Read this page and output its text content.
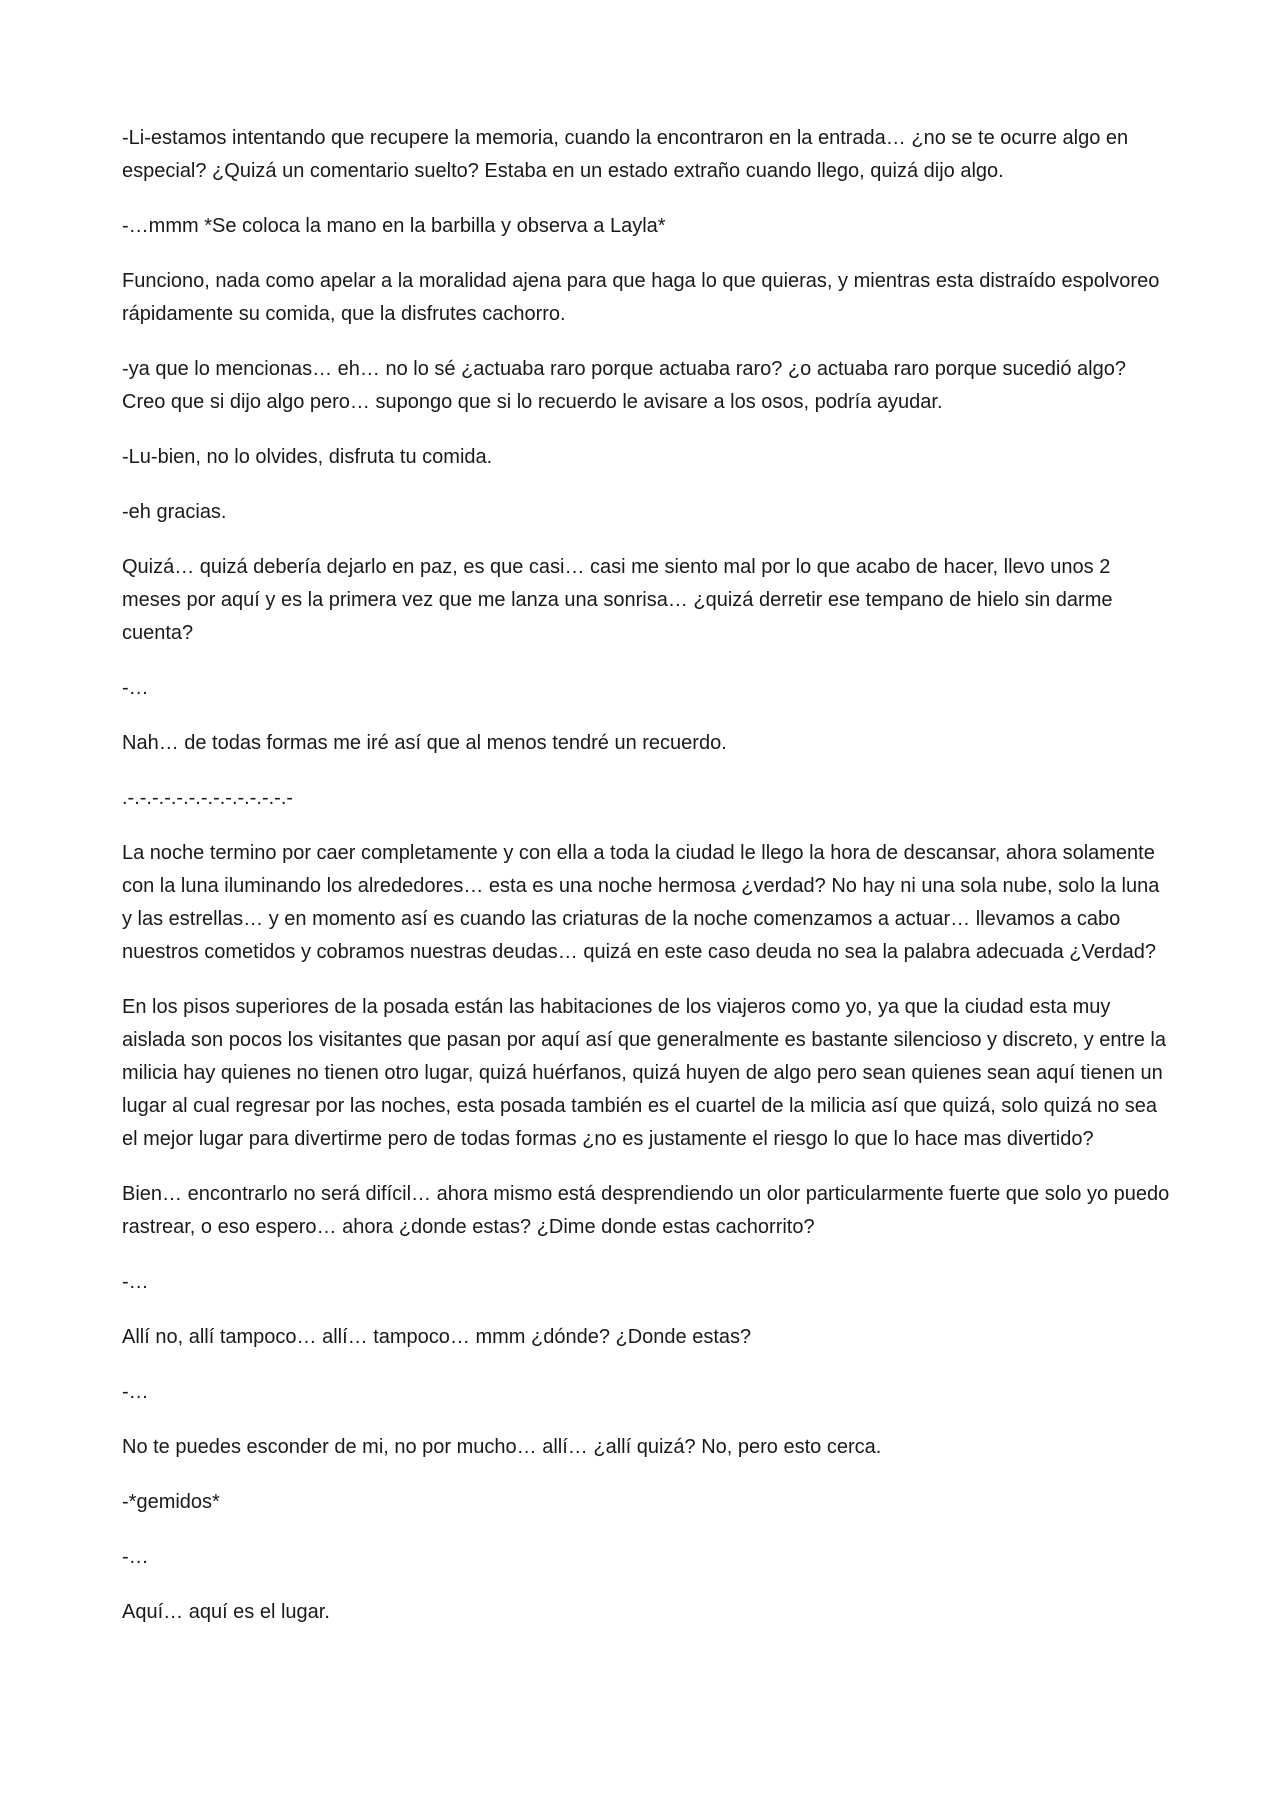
-Li-estamos intentando que recupere la memoria, cuando la encontraron en la entrada… ¿no se te ocurre algo en especial? ¿Quizá un comentario suelto? Estaba en un estado extraño cuando llego, quizá dijo algo.

-…mmm *Se coloca la mano en la barbilla y observa a Layla*

Funciono, nada como apelar a la moralidad ajena para que haga lo que quieras, y mientras esta distraído espolvoreo rápidamente su comida, que la disfrutes cachorro.

-ya que lo mencionas… eh… no lo sé ¿actuaba raro porque actuaba raro? ¿o actuaba raro porque sucedió algo? Creo que si dijo algo pero… supongo que si lo recuerdo le avisare a los osos, podría ayudar.

-Lu-bien, no lo olvides, disfruta tu comida.

-eh gracias.

Quizá… quizá debería dejarlo en paz, es que casi… casi me siento mal por lo que acabo de hacer, llevo unos 2 meses por aquí y es la primera vez que me lanza una sonrisa… ¿quizá derretir ese tempano de hielo sin darme cuenta?

-…

Nah… de todas formas me iré así que al menos tendré un recuerdo.

.-.-.-.-.-.-.-.-.-.-.-.-.-.-

La noche termino por caer completamente y con ella a toda la ciudad le llego la hora de descansar, ahora solamente con la luna iluminando los alrededores… esta es una noche hermosa ¿verdad? No hay ni una sola nube, solo la luna y las estrellas… y en momento así es cuando las criaturas de la noche comenzamos a actuar… llevamos a cabo nuestros cometidos y cobramos nuestras deudas… quizá en este caso deuda no sea la palabra adecuada ¿Verdad?

En los pisos superiores de la posada están las habitaciones de los viajeros como yo, ya que la ciudad esta muy aislada son pocos los visitantes que pasan por aquí así que generalmente es bastante silencioso y discreto, y entre la milicia hay quienes no tienen otro lugar, quizá huérfanos, quizá huyen de algo pero sean quienes sean aquí tienen un lugar al cual regresar por las noches, esta posada también es el cuartel de la milicia así que quizá, solo quizá no sea el mejor lugar para divertirme pero de todas formas ¿no es justamente el riesgo lo que lo hace mas divertido?

Bien… encontrarlo no será difícil… ahora mismo está desprendiendo un olor particularmente fuerte que solo yo puedo rastrear, o eso espero… ahora ¿donde estas? ¿Dime donde estas cachorrito?

-…

Allí no, allí tampoco… allí… tampoco… mmm ¿dónde? ¿Donde estas?

-…

No te puedes esconder de mi, no por mucho… allí… ¿allí quizá? No, pero esto cerca.

-*gemidos*

-…

Aquí… aquí es el lugar.
